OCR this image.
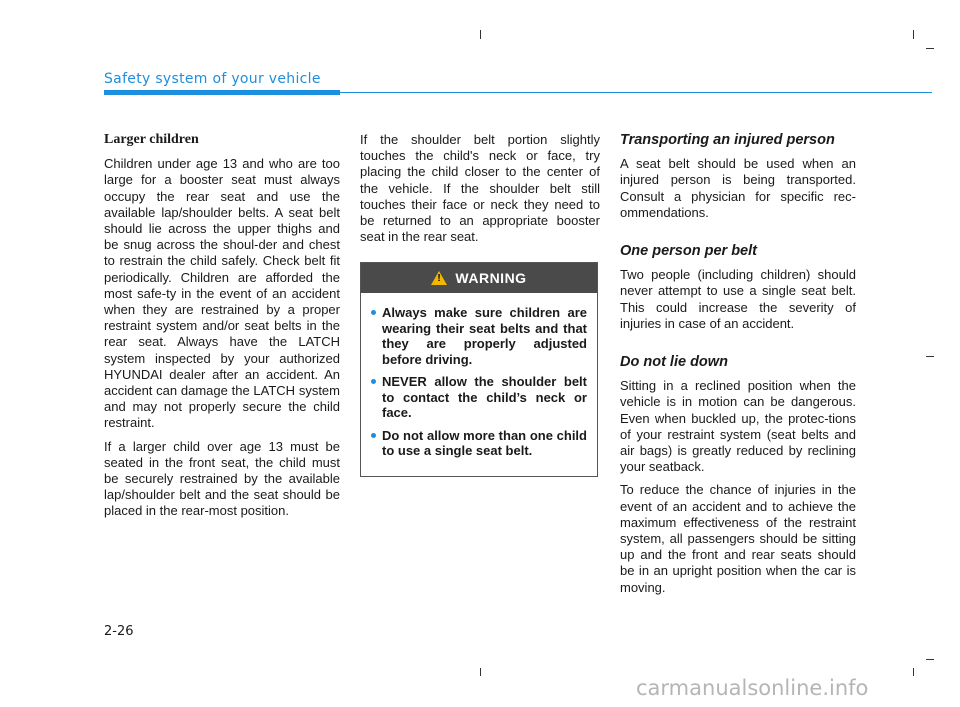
Safety system of your vehicle
Larger children

Children under age 13 and who are too large for a booster seat must always occupy the rear seat and use the available lap/shoulder belts. A seat belt should lie across the upper thighs and be snug across the shoul-der and chest to restrain the child safely. Check belt fit periodically. Children are afforded the most safe-ty in the event of an accident when they are restrained by a proper restraint system and/or seat belts in the rear seat. Always have the LATCH system inspected by your authorized HYUNDAI dealer after an accident. An accident can damage the LATCH system and may not properly secure the child restraint.

If a larger child over age 13 must be seated in the front seat, the child must be securely restrained by the available lap/shoulder belt and the seat should be placed in the rear-most position.

If the shoulder belt portion slightly touches the child's neck or face, try placing the child closer to the center of the vehicle. If the shoulder belt still touches their face or neck they need to be returned to an appropriate booster seat in the rear seat.

!
WARNING
Always make sure children are wearing their seat belts and that they are properly adjusted before driving.
NEVER allow the shoulder belt to contact the child’s neck or face.
Do not allow more than one child to use a single seat belt.
Transporting an injured person

A seat belt should be used when an injured person is being transported. Consult a physician for specific rec-ommendations.

One person per belt

Two people (including children) should never attempt to use a single seat belt. This could increase the severity of injuries in case of an accident.

Do not lie down

Sitting in a reclined position when the vehicle is in motion can be dangerous. Even when buckled up, the protec-tions of your restraint system (seat belts and air bags) is greatly reduced by reclining your seatback.

To reduce the chance of injuries in the event of an accident and to achieve the maximum effectiveness of the restraint system, all passengers should be sitting up and the front and rear seats should be in an upright position when the car is moving.

2-26
carmanualsonline.info
